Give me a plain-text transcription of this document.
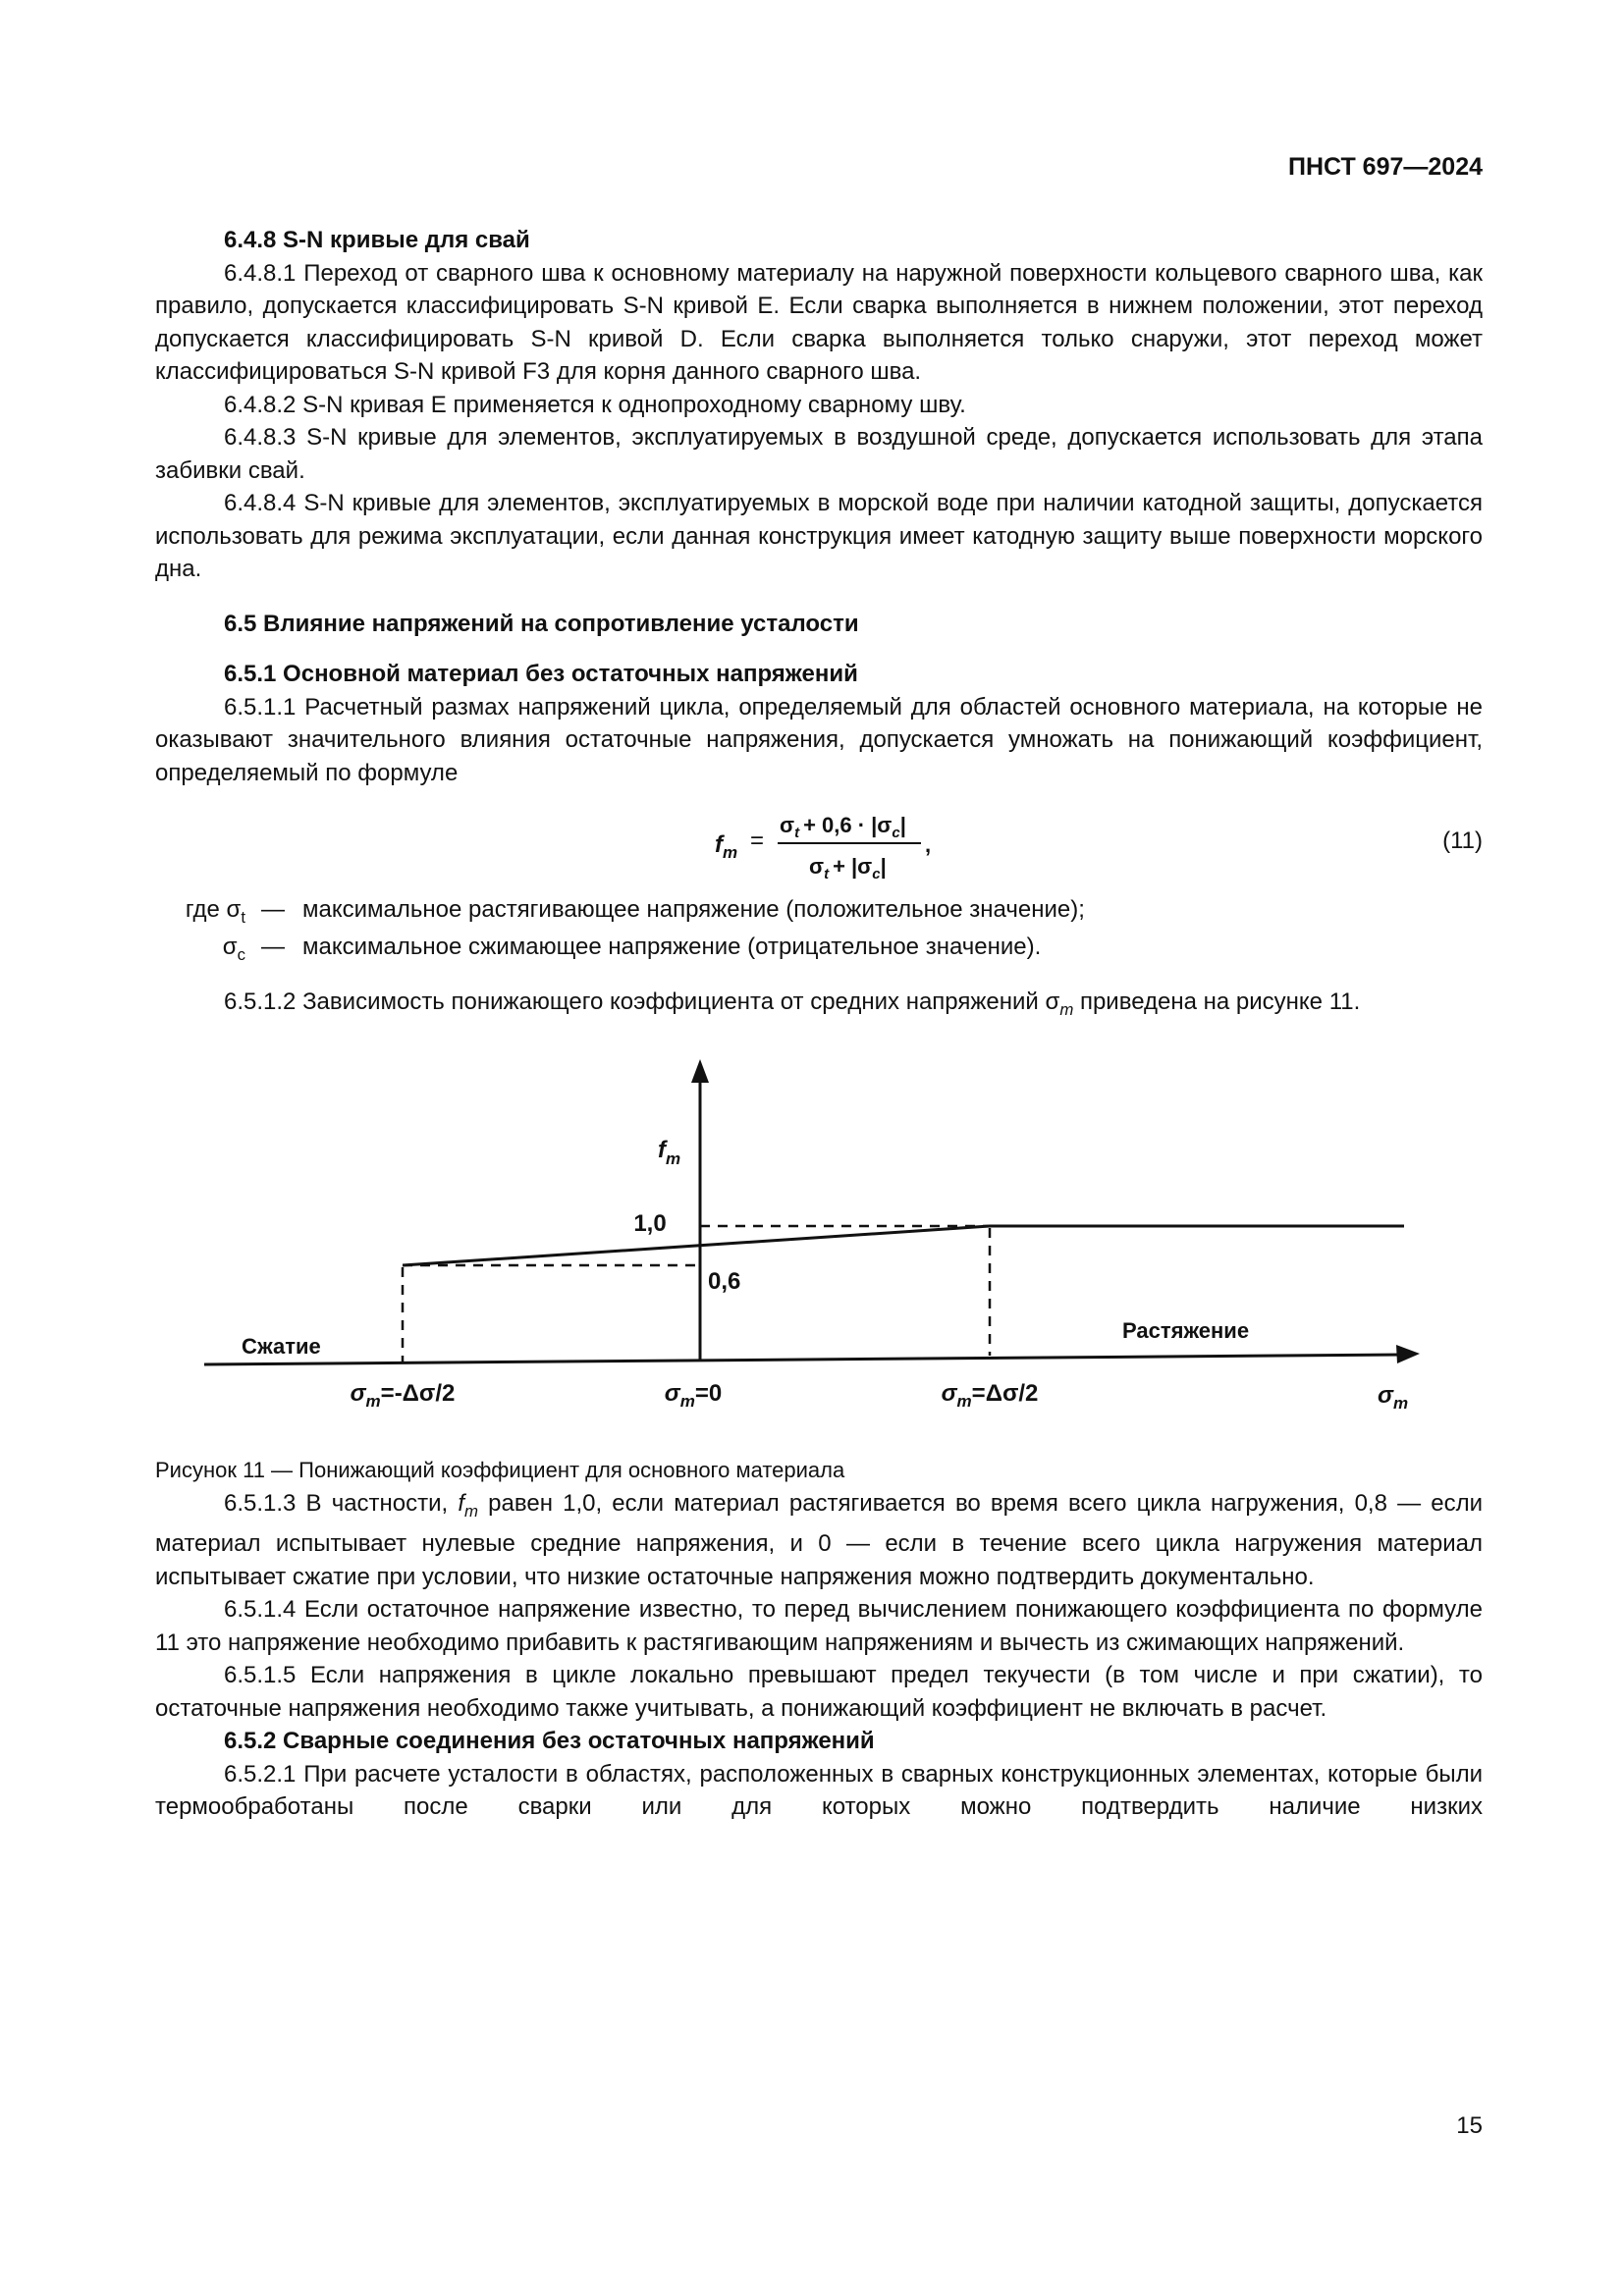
ПНСТ 697—2024

6.4.8 S-N кривые для свай

6.4.8.1 Переход от сварного шва к основному материалу на наружной поверхности кольцевого сварного шва, как правило, допускается классифицировать S-N кривой E. Если сварка выполняется в нижнем положении, этот переход допускается классифицировать S-N кривой D. Если сварка выполняется только снаружи, этот переход может классифицироваться S-N кривой F3 для корня данного сварного шва.

6.4.8.2 S-N кривая E применяется к однопроходному сварному шву.

6.4.8.3 S-N кривые для элементов, эксплуатируемых в воздушной среде, допускается использовать для этапа забивки свай.

6.4.8.4 S-N кривые для элементов, эксплуатируемых в морской воде при наличии катодной защиты, допускается использовать для режима эксплуатации, если данная конструкция имеет катодную защиту выше поверхности морского дна.

6.5 Влияние напряжений на сопротивление усталости

6.5.1 Основной материал без остаточных напряжений

6.5.1.1 Расчетный размах напряжений цикла, определяемый для областей основного материала, на которые не оказывают значительного влияния остаточные напряжения, допускается умножать на понижающий коэффициент, определяемый по формуле

$f_m$ =
$\sigma_t + 0,6 \cdot |\sigma_c|$
$\sigma_t + |\sigma_c|$
,	(11)
где $\sigma_t$ — максимальное растягивающее напряжение (положительное значение);
$\sigma_c$ — максимальное сжимающее напряжение (отрицательное значение).

6.5.1.2 Зависимость понижающего коэффициента от средних напряжений $\sigma_m$ приведена на рисунке 11.

$f_m$
1,0
0,6
Сжатие
Растяжение
$\sigma_m=-\Delta\sigma/2$	$\sigma_m=0$	$\sigma_m=\Delta\sigma/2$	$\sigma_m$

Рисунок 11 — Понижающий коэффициент для основного материала

6.5.1.3 В частности, $f_m$ равен 1,0, если материал растягивается во время всего цикла нагружения, 0,8 — если материал испытывает нулевые средние напряжения, и 0 — если в течение всего цикла нагружения материал испытывает сжатие при условии, что низкие остаточные напряжения можно подтвердить документально.

6.5.1.4 Если остаточное напряжение известно, то перед вычислением понижающего коэффициента по формуле 11 это напряжение необходимо прибавить к растягивающим напряжениям и вычесть из сжимающих напряжений.

6.5.1.5 Если напряжения в цикле локально превышают предел текучести (в том числе и при сжатии), то остаточные напряжения необходимо также учитывать, а понижающий коэффициент не включать в расчет.

6.5.2 Сварные соединения без остаточных напряжений

6.5.2.1 При расчете усталости в областях, расположенных в сварных конструкционных элементах, которые были термообработаны после сварки или для которых можно подтвердить наличие низких

15
